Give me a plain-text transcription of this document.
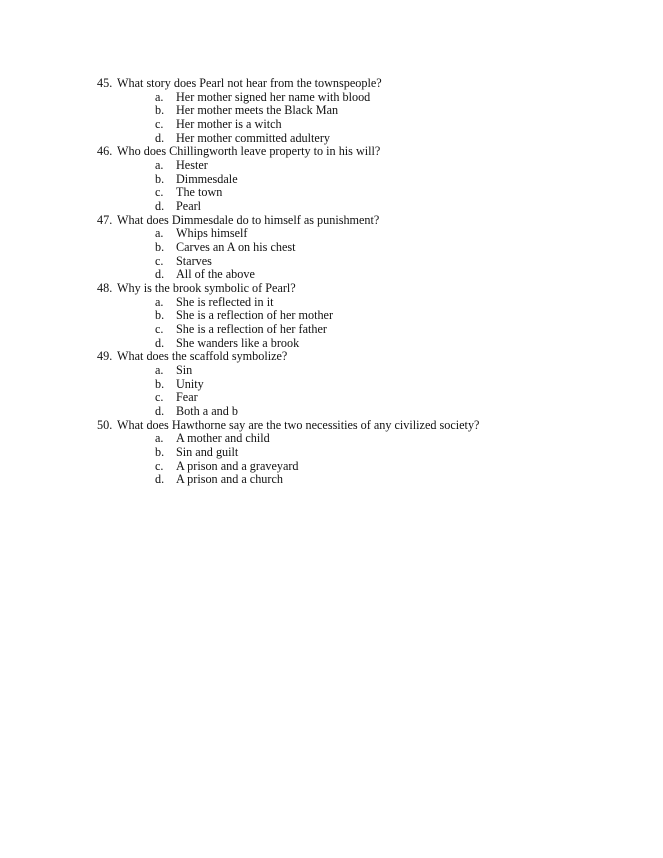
45. What story does Pearl not hear from the townspeople?
a. Her mother signed her name with blood
b. Her mother meets the Black Man
c. Her mother is a witch
d. Her mother committed adultery
46. Who does Chillingworth leave property to in his will?
a. Hester
b. Dimmesdale
c. The town
d. Pearl
47. What does Dimmesdale do to himself as punishment?
a. Whips himself
b. Carves an A on his chest
c. Starves
d. All of the above
48. Why is the brook symbolic of Pearl?
a. She is reflected in it
b. She is a reflection of her mother
c. She is a reflection of her father
d. She wanders like a brook
49. What does the scaffold symbolize?
a. Sin
b. Unity
c. Fear
d. Both a and b
50. What does Hawthorne say are the two necessities of any civilized society?
a. A mother and child
b. Sin and guilt
c. A prison and a graveyard
d. A prison and a church
